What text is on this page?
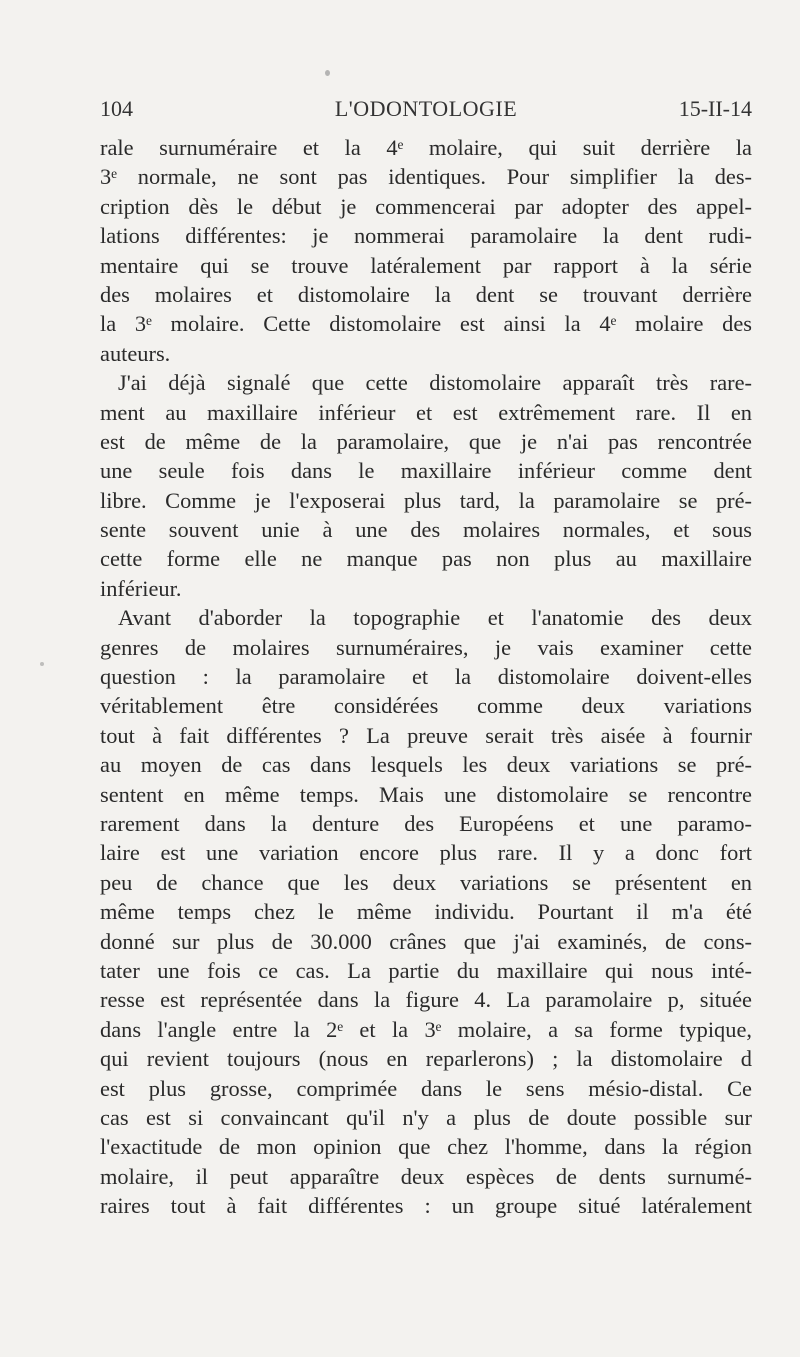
104	L'ODONTOLOGIE	15-II-14
rale surnuméraire et la 4ᵉ molaire, qui suit derrière la
3ᵉ normale, ne sont pas identiques. Pour simplifier la des-
cription dès le début je commencerai par adopter des appel-
lations différentes: je nommerai paramolaire la dent rudi-
mentaire qui se trouve latéralement par rapport à la série
des molaires et distomolaire la dent se trouvant derrière
la 3ᵉ molaire. Cette distomolaire est ainsi la 4ᵉ molaire des
auteurs.
J'ai déjà signalé que cette distomolaire apparaît très rare-
ment au maxillaire inférieur et est extrêmement rare. Il en
est de même de la paramolaire, que je n'ai pas rencontrée
une seule fois dans le maxillaire inférieur comme dent
libre. Comme je l'exposerai plus tard, la paramolaire se pré-
sente souvent unie à une des molaires normales, et sous
cette forme elle ne manque pas non plus au maxillaire
inférieur.
Avant d'aborder la topographie et l'anatomie des deux
genres de molaires surnuméraires, je vais examiner cette
question : la paramolaire et la distomolaire doivent-elles
véritablement être considérées comme deux variations
tout à fait différentes ? La preuve serait très aisée à fournir
au moyen de cas dans lesquels les deux variations se pré-
sentent en même temps. Mais une distomolaire se rencontre
rarement dans la denture des Européens et une paramo-
laire est une variation encore plus rare. Il y a donc fort
peu de chance que les deux variations se présentent en
même temps chez le même individu. Pourtant il m'a été
donné sur plus de 30.000 crânes que j'ai examinés, de cons-
tater une fois ce cas. La partie du maxillaire qui nous inté-
resse est représentée dans la figure 4. La paramolaire p, située
dans l'angle entre la 2ᵉ et la 3ᵉ molaire, a sa forme typique,
qui revient toujours (nous en reparlerons) ; la distomolaire d
est plus grosse, comprimée dans le sens mésio-distal. Ce
cas est si convaincant qu'il n'y a plus de doute possible sur
l'exactitude de mon opinion que chez l'homme, dans la région
molaire, il peut apparaître deux espèces de dents surnumé-
raires tout à fait différentes : un groupe situé latéralement
